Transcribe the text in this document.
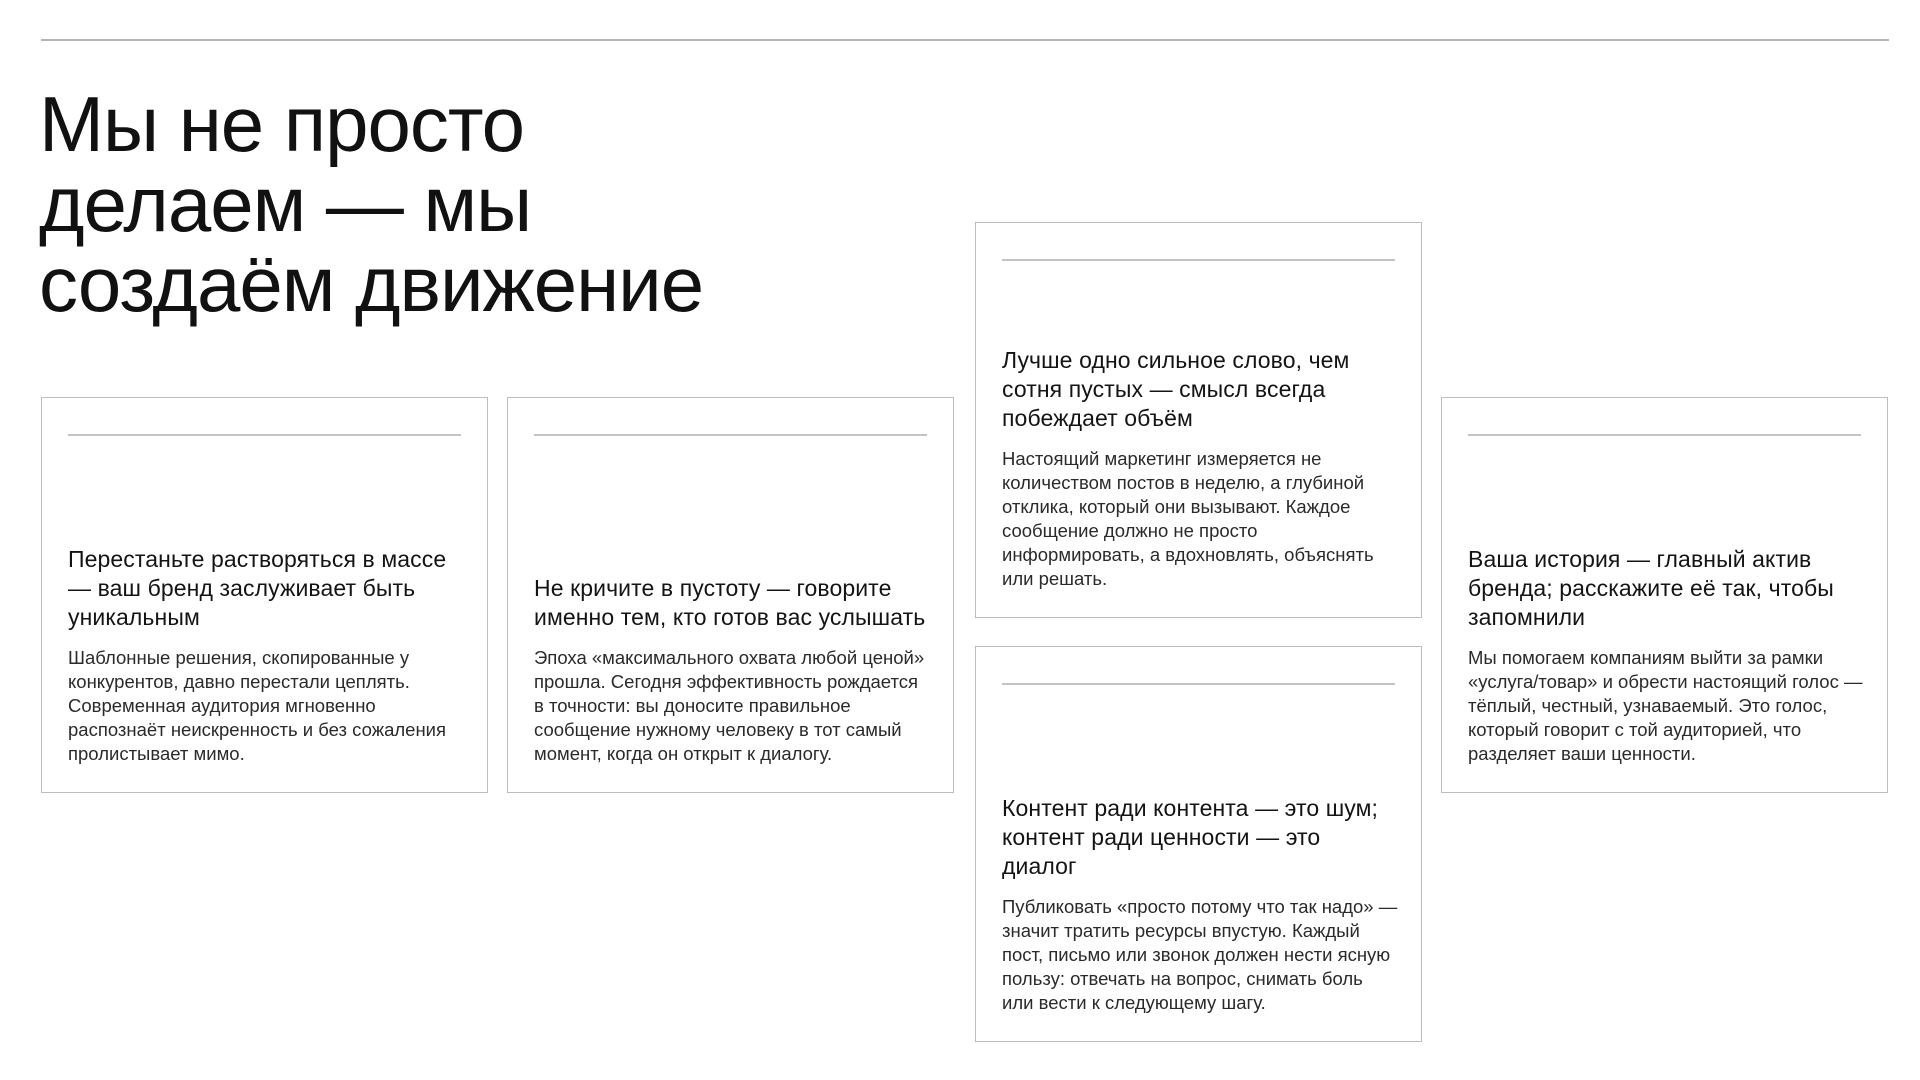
Мы не просто
делаем — мы
создаём движение

Перестаньте растворяться в массе — ваш бренд заслуживает быть уникальным

Шаблонные решения, скопированные у конкурентов, давно перестали цеплять. Современная аудитория мгновенно распознаёт неискренность и без сожаления пролистывает мимо.

Не кричите в пустоту — говорите именно тем, кто готов вас услышать

Эпоха «максимального охвата любой ценой» прошла. Сегодня эффективность рождается в точности: вы доносите правильное сообщение нужному человеку в тот самый момент, когда он открыт к диалогу.

Лучше одно сильное слово, чем сотня пустых — смысл всегда побеждает объём

Настоящий маркетинг измеряется не количеством постов в неделю, а глубиной отклика, который они вызывают. Каждое сообщение должно не просто информировать, а вдохновлять, объяснять или решать.

Контент ради контента — это шум; контент ради ценности — это диалог

Публиковать «просто потому что так надо» — значит тратить ресурсы впустую. Каждый пост, письмо или звонок должен нести ясную пользу: отвечать на вопрос, снимать боль или вести к следующему шагу.

Ваша история — главный актив бренда; расскажите её так, чтобы запомнили

Мы помогаем компаниям выйти за рамки «услуга/товар» и обрести настоящий голос — тёплый, честный, узнаваемый. Это голос, который говорит с той аудиторией, что разделяет ваши ценности.
